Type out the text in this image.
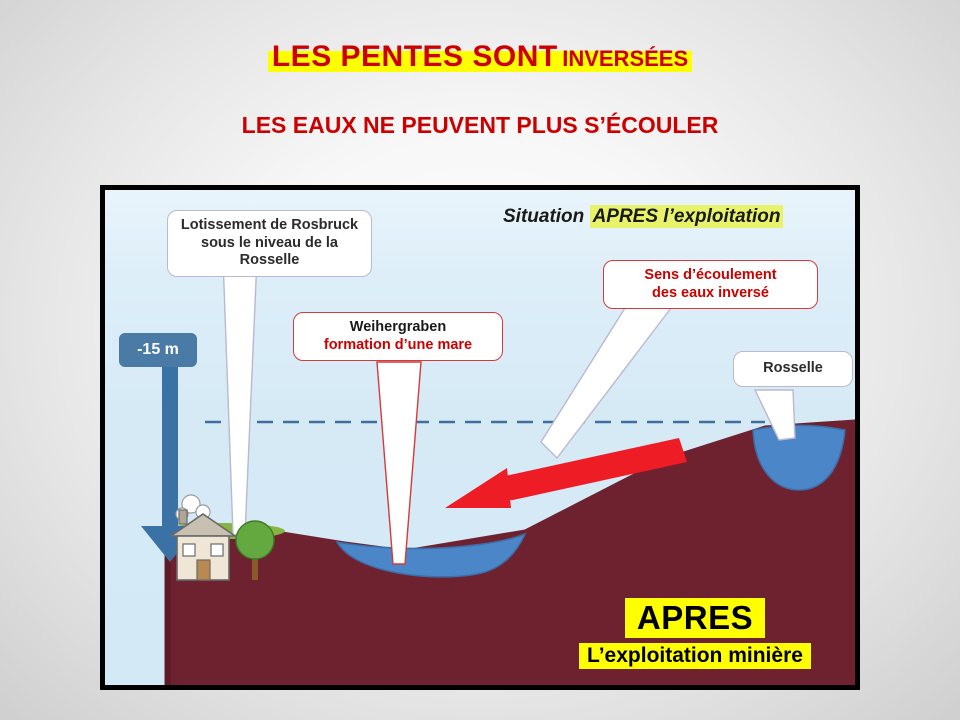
LES PENTES SONT INVERSÉES
LES EAUX NE PEUVENT PLUS S’ÉCOULER
Situation APRES l’exploitation
-15 m
Lotissement de Rosbruck sous le niveau de la Rosselle
Weihergraben
formation d’une mare
Sens d’écoulement
des eaux inversé
Rosselle
APRES
L’exploitation minière
